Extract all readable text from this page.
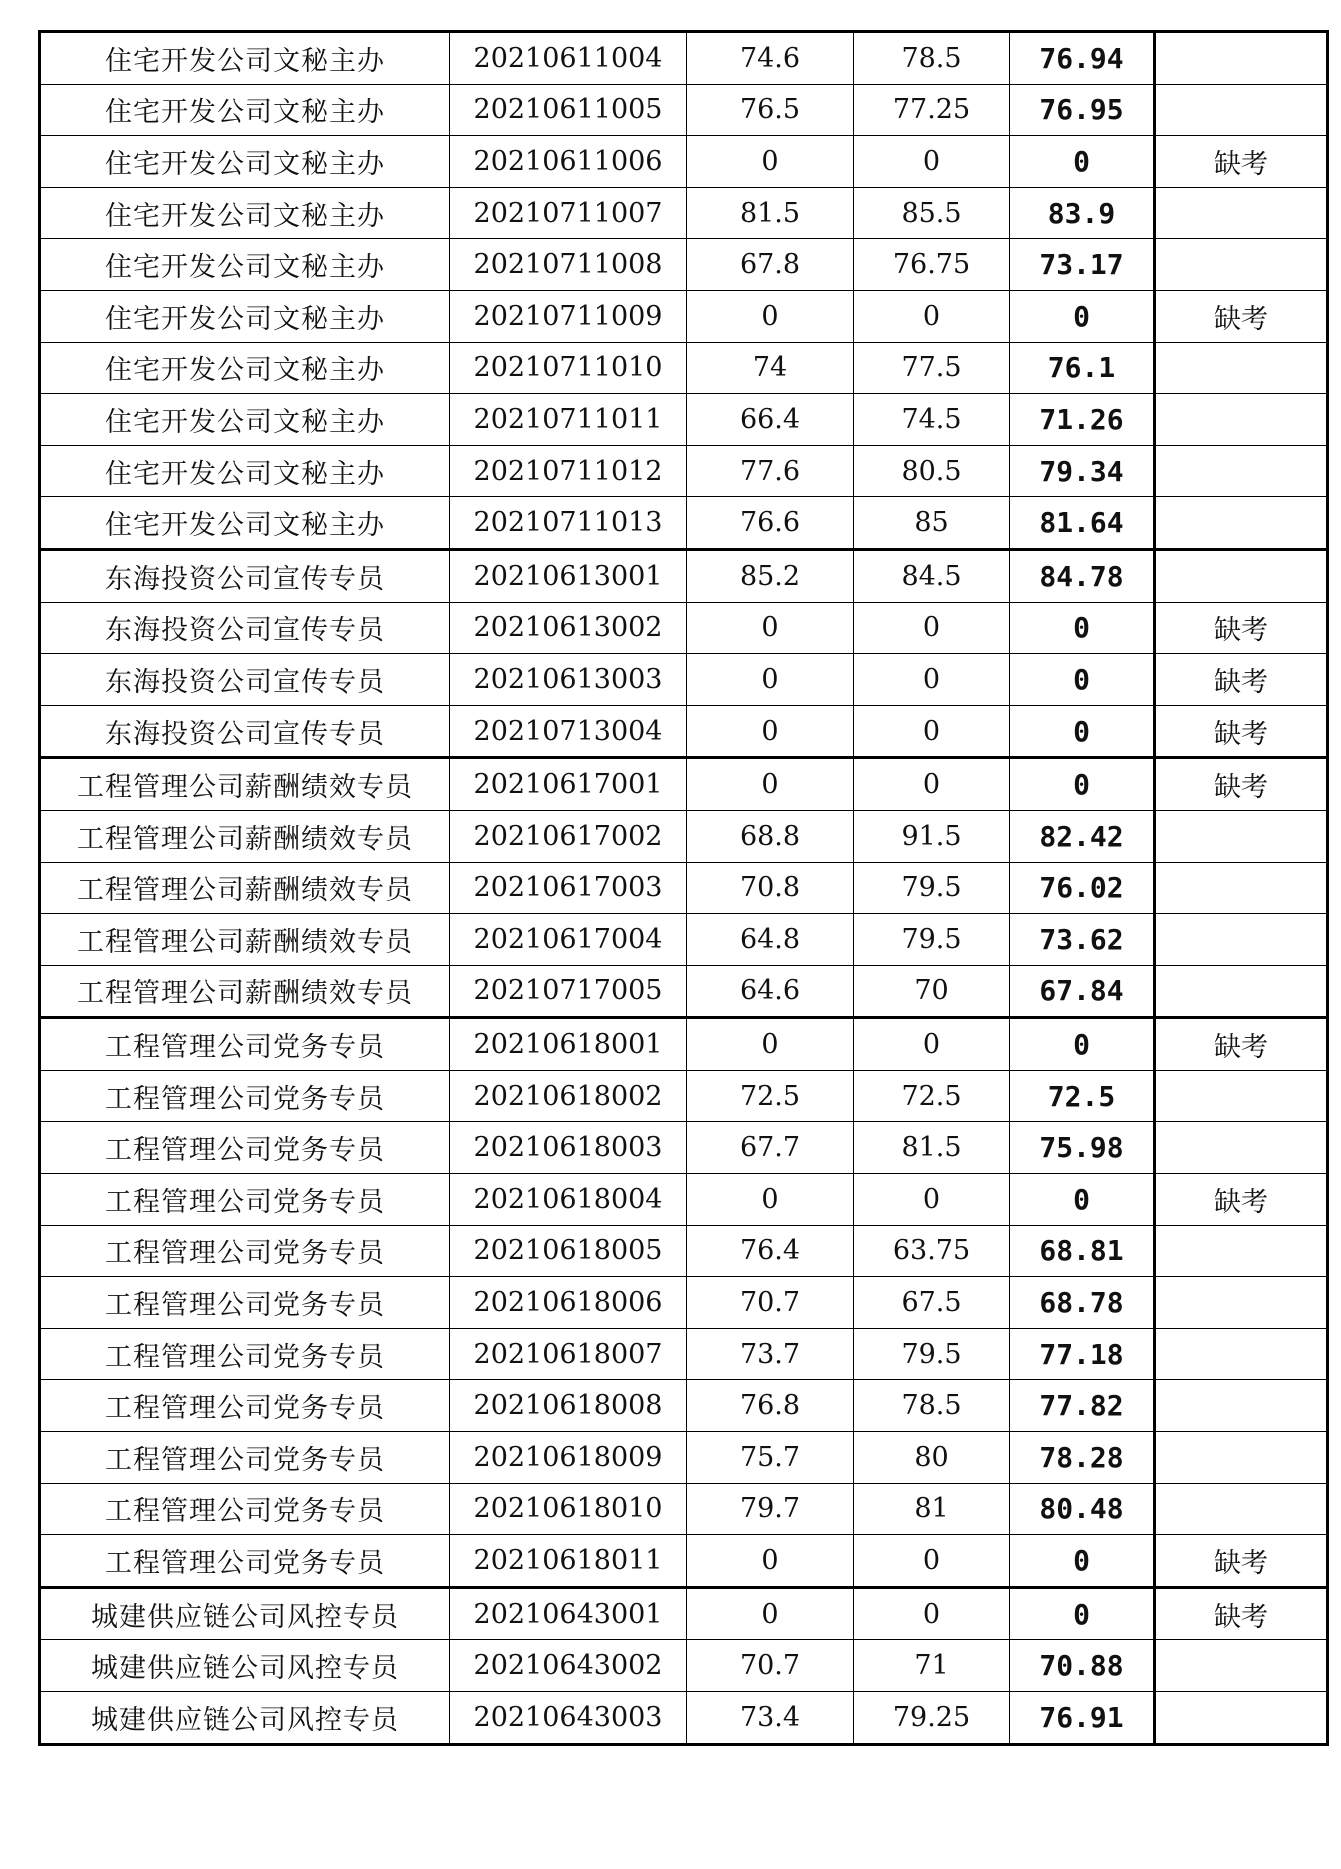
住宅开发公司文秘主办	20210611004	74.6	78.5	76.94	
住宅开发公司文秘主办	20210611005	76.5	77.25	76.95	
住宅开发公司文秘主办	20210611006	0	0	0	缺考
住宅开发公司文秘主办	20210711007	81.5	85.5	83.9	
住宅开发公司文秘主办	20210711008	67.8	76.75	73.17	
住宅开发公司文秘主办	20210711009	0	0	0	缺考
住宅开发公司文秘主办	20210711010	74	77.5	76.1	
住宅开发公司文秘主办	20210711011	66.4	74.5	71.26	
住宅开发公司文秘主办	20210711012	77.6	80.5	79.34	
住宅开发公司文秘主办	20210711013	76.6	85	81.64	
东海投资公司宣传专员	20210613001	85.2	84.5	84.78	
东海投资公司宣传专员	20210613002	0	0	0	缺考
东海投资公司宣传专员	20210613003	0	0	0	缺考
东海投资公司宣传专员	20210713004	0	0	0	缺考
工程管理公司薪酬绩效专员	20210617001	0	0	0	缺考
工程管理公司薪酬绩效专员	20210617002	68.8	91.5	82.42	
工程管理公司薪酬绩效专员	20210617003	70.8	79.5	76.02	
工程管理公司薪酬绩效专员	20210617004	64.8	79.5	73.62	
工程管理公司薪酬绩效专员	20210717005	64.6	70	67.84	
工程管理公司党务专员	20210618001	0	0	0	缺考
工程管理公司党务专员	20210618002	72.5	72.5	72.5	
工程管理公司党务专员	20210618003	67.7	81.5	75.98	
工程管理公司党务专员	20210618004	0	0	0	缺考
工程管理公司党务专员	20210618005	76.4	63.75	68.81	
工程管理公司党务专员	20210618006	70.7	67.5	68.78	
工程管理公司党务专员	20210618007	73.7	79.5	77.18	
工程管理公司党务专员	20210618008	76.8	78.5	77.82	
工程管理公司党务专员	20210618009	75.7	80	78.28	
工程管理公司党务专员	20210618010	79.7	81	80.48	
工程管理公司党务专员	20210618011	0	0	0	缺考
城建供应链公司风控专员	20210643001	0	0	0	缺考
城建供应链公司风控专员	20210643002	70.7	71	70.88	
城建供应链公司风控专员	20210643003	73.4	79.25	76.91	
